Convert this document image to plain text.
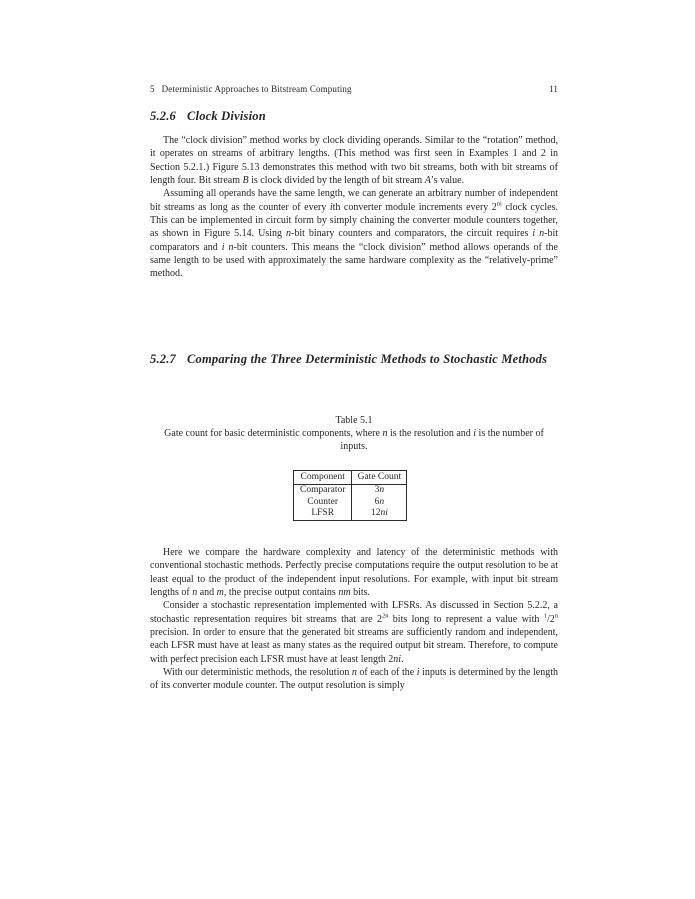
5 Deterministic Approaches to Bitstream Computing	11
5.2.6 Clock Division

The “clock division” method works by clock dividing operands. Similar to the “rotation” method, it operates on streams of arbitrary lengths. (This method was first seen in Examples 1 and 2 in Section 5.2.1.) Figure 5.13 demonstrates this method with two bit streams, both with bit streams of length four. Bit stream B is clock divided by the length of bit stream A’s value.

Assuming all operands have the same length, we can generate an arbitrary number of independent bit streams as long as the counter of every ith converter module increments every $2^{ni}$ clock cycles. This can be implemented in circuit form by simply chaining the converter module counters together, as shown in Figure 5.14. Using n-bit binary counters and comparators, the circuit requires i n-bit comparators and i n-bit counters. This means the “clock division” method allows operands of the same length to be used with approximately the same hardware complexity as the “relatively-prime” method.

5.2.7 Comparing the Three Deterministic Methods to Stochastic Methods
Table 5.1
Gate count for basic deterministic components, where n is the resolution and i is the number of inputs.
Component	Gate Count
Comparator	3n
Counter	6n
LFSR	12ni

Here we compare the hardware complexity and latency of the deterministic methods with conventional stochastic methods. Perfectly precise computations require the output resolution to be at least equal to the product of the independent input resolutions. For example, with input bit stream lengths of n and m, the precise output contains nm bits.

Consider a stochastic representation implemented with LFSRs. As discussed in Section 5.2.2, a stochastic representation requires bit streams that are $2^{2n}$ bits long to represent a value with $^1$/2$^n$ precision. In order to ensure that the generated bit streams are sufficiently random and independent, each LFSR must have at least as many states as the required output bit stream. Therefore, to compute with perfect precision each LFSR must have at least length 2ni.

With our deterministic methods, the resolution n of each of the i inputs is determined by the length of its converter module counter. The output resolution is simply
